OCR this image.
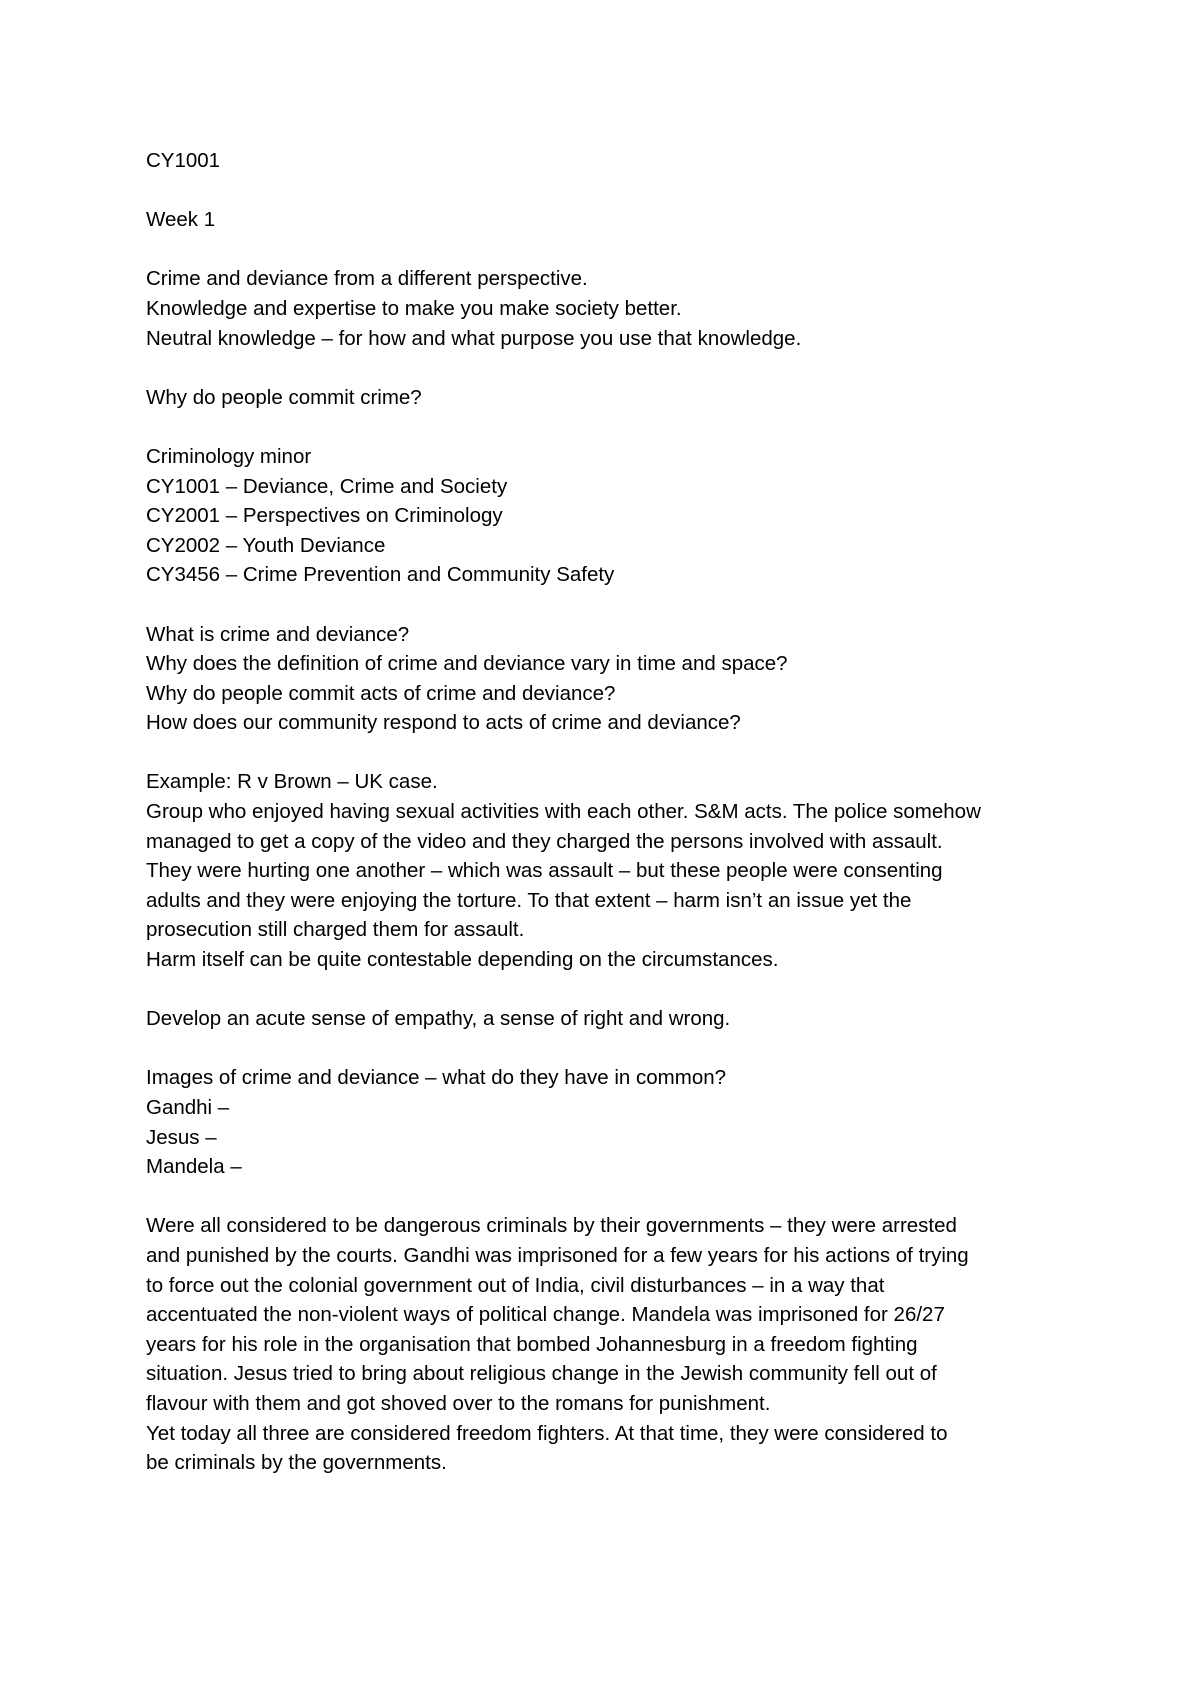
CY1001

Week 1

Crime and deviance from a different perspective.
Knowledge and expertise to make you make society better.
Neutral knowledge – for how and what purpose you use that knowledge.

Why do people commit crime?

Criminology minor
CY1001 – Deviance, Crime and Society
CY2001 – Perspectives on Criminology
CY2002 – Youth Deviance
CY3456 – Crime Prevention and Community Safety

What is crime and deviance?
Why does the definition of crime and deviance vary in time and space?
Why do people commit acts of crime and deviance?
How does our community respond to acts of crime and deviance?

Example: R v Brown – UK case.
Group who enjoyed having sexual activities with each other. S&M acts. The police somehow
managed to get a copy of the video and they charged the persons involved with assault.
They were hurting one another – which was assault – but these people were consenting
adults and they were enjoying the torture. To that extent – harm isn’t an issue yet the
prosecution still charged them for assault.
Harm itself can be quite contestable depending on the circumstances.

Develop an acute sense of empathy, a sense of right and wrong.

Images of crime and deviance – what do they have in common?
Gandhi –
Jesus –
Mandela –

Were all considered to be dangerous criminals by their governments – they were arrested
and punished by the courts. Gandhi was imprisoned for a few years for his actions of trying
to force out the colonial government out of India, civil disturbances – in a way that
accentuated the non-violent ways of political change. Mandela was imprisoned for 26/27
years for his role in the organisation that bombed Johannesburg in a freedom fighting
situation. Jesus tried to bring about religious change in the Jewish community fell out of
flavour with them and got shoved over to the romans for punishment.
Yet today all three are considered freedom fighters. At that time, they were considered to
be criminals by the governments.
